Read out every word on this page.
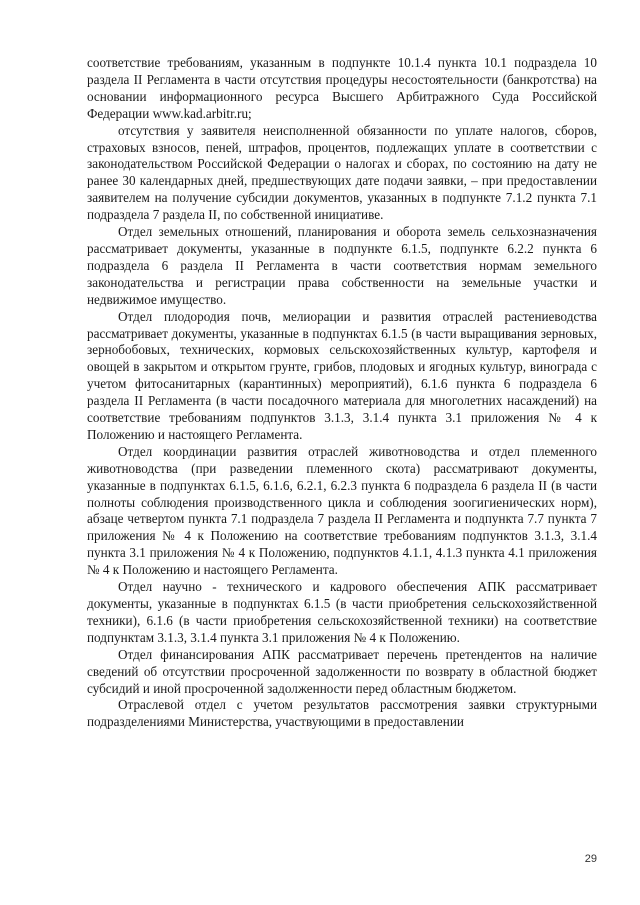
соответствие требованиям, указанным в подпункте 10.1.4 пункта 10.1 подраздела 10 раздела II Регламента в части отсутствия процедуры несостоятельности (банкротства) на основании информационного ресурса Высшего Арбитражного Суда Российской Федерации www.kad.arbitr.ru;

отсутствия у заявителя неисполненной обязанности по уплате налогов, сборов, страховых взносов, пеней, штрафов, процентов, подлежащих уплате в соответствии с законодательством Российской Федерации о налогах и сборах, по состоянию на дату не ранее 30 календарных дней, предшествующих дате подачи заявки, – при предоставлении заявителем на получение субсидии документов, указанных в подпункте 7.1.2 пункта 7.1 подраздела 7 раздела II, по собственной инициативе.

Отдел земельных отношений, планирования и оборота земель сельхозназначения рассматривает документы, указанные в подпункте 6.1.5, подпункте 6.2.2 пункта 6 подраздела 6 раздела II Регламента в части соответствия нормам земельного законодательства и регистрации права собственности на земельные участки и недвижимое имущество.

Отдел плодородия почв, мелиорации и развития отраслей растениеводства рассматривает документы, указанные в подпунктах 6.1.5 (в части выращивания зерновых, зернобобовых, технических, кормовых сельскохозяйственных культур, картофеля и овощей в закрытом и открытом грунте, грибов, плодовых и ягодных культур, винограда с учетом фитосанитарных (карантинных) мероприятий), 6.1.6 пункта 6 подраздела 6 раздела II Регламента (в части посадочного материала для многолетних насаждений) на соответствие требованиям подпунктов 3.1.3, 3.1.4 пункта 3.1 приложения № 4 к Положению и настоящего Регламента.

Отдел координации развития отраслей животноводства и отдел племенного животноводства (при разведении племенного скота) рассматривают документы, указанные в подпунктах 6.1.5, 6.1.6, 6.2.1, 6.2.3 пункта 6 подраздела 6 раздела II (в части полноты соблюдения производственного цикла и соблюдения зоогигиенических норм), абзаце четвертом пункта 7.1 подраздела 7 раздела II Регламента и подпункта 7.7 пункта 7 приложения № 4 к Положению на соответствие требованиям подпунктов 3.1.3, 3.1.4 пункта 3.1 приложения № 4 к Положению, подпунктов 4.1.1, 4.1.3 пункта 4.1 приложения № 4 к Положению и настоящего Регламента.

Отдел научно - технического и кадрового обеспечения АПК рассматривает документы, указанные в подпунктах 6.1.5 (в части приобретения сельскохозяйственной техники), 6.1.6 (в части приобретения сельскохозяйственной техники) на соответствие подпунктам 3.1.3, 3.1.4 пункта 3.1 приложения № 4 к Положению.

Отдел финансирования АПК рассматривает перечень претендентов на наличие сведений об отсутствии просроченной задолженности по возврату в областной бюджет субсидий и иной просроченной задолженности перед областным бюджетом.

Отраслевой отдел с учетом результатов рассмотрения заявки структурными подразделениями Министерства, участвующими в предоставлении

29
